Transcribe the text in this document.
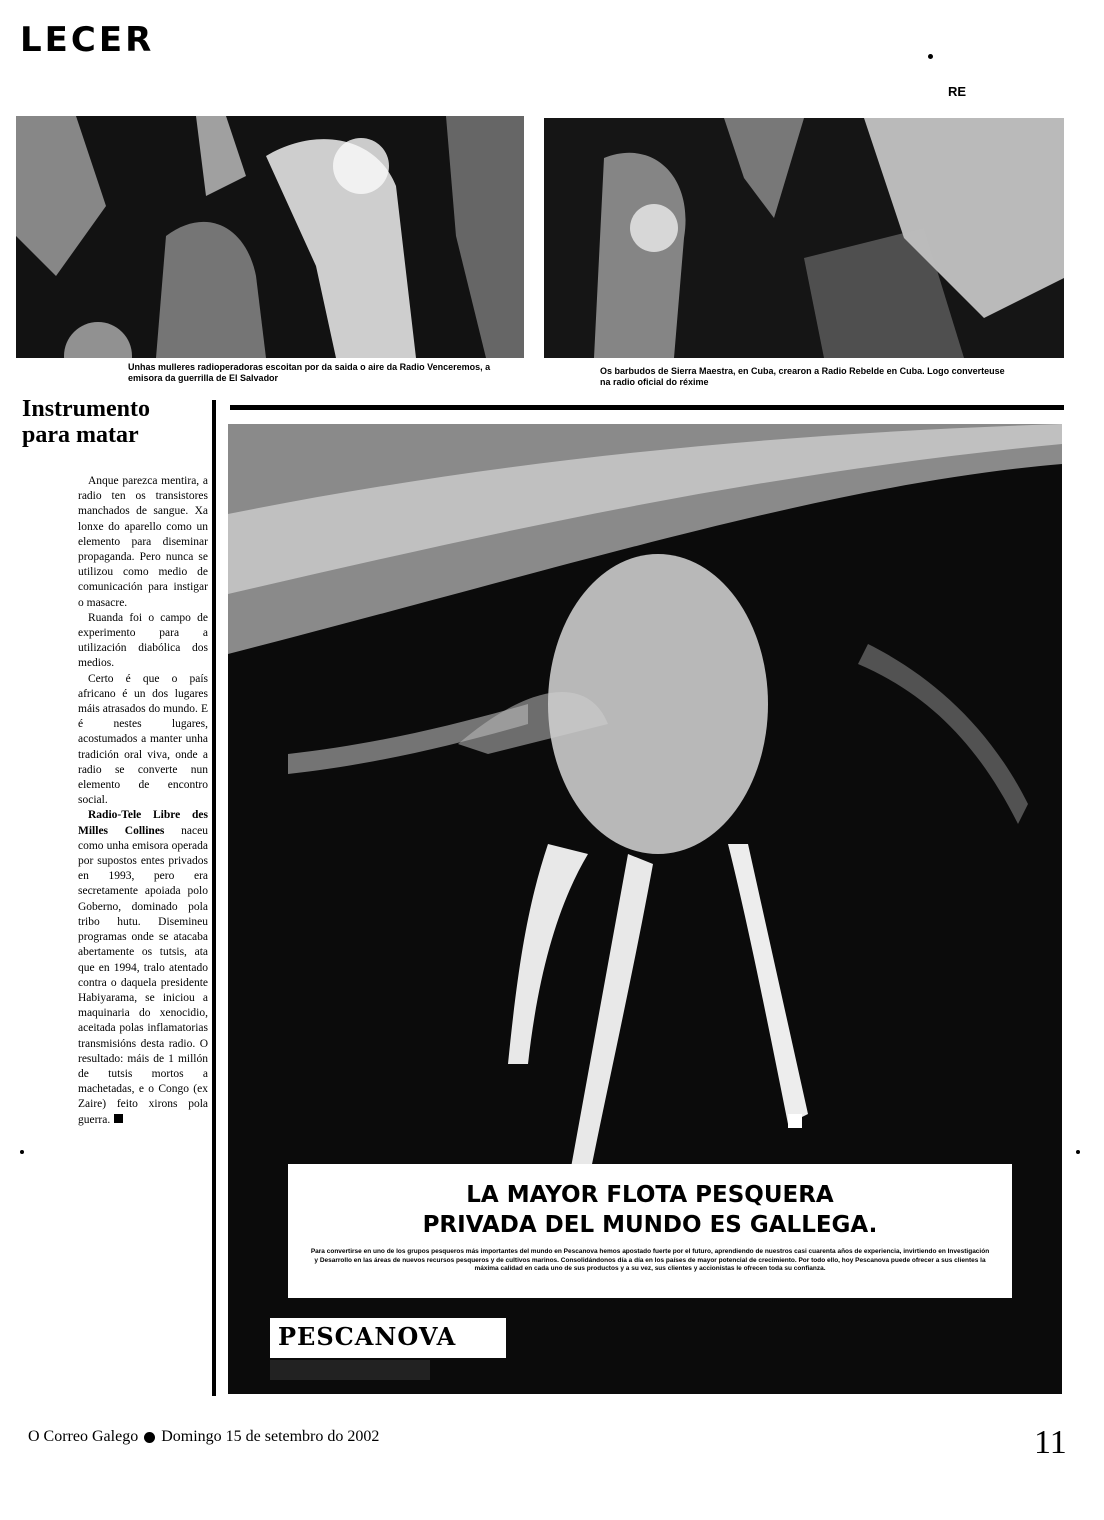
LECER
RE
Unhas mulleres radioperadoras escoitan por da saida o aire da Radio Venceremos, a emisora da guerrilla de El Salvador
Os barbudos de Sierra Maestra, en Cuba, crearon a Radio Rebelde en Cuba. Logo converteuse na radio oficial do réxime
Instrumento
para matar

Anque parezca mentira, a radio ten os transistores manchados de sangue. Xa lonxe do aparello como un elemento para diseminar propaganda. Pero nunca se utilizou como medio de comunicación para instigar o masacre.

Ruanda foi o campo de experimento para a utilización diabólica dos medios.

Certo é que o país africano é un dos lugares máis atrasados do mundo. E é nestes lugares, acostumados a manter unha tradición oral viva, onde a radio se converte nun elemento de encontro social.

Radio-Tele Libre des Milles Collines naceu como unha emisora operada por supostos entes privados en 1993, pero era secretamente apoiada polo Goberno, dominado pola tribo hutu. Disemineu programas onde se atacaba abertamente os tutsis, ata que en 1994, tralo atentado contra o daquela presidente Habiyarama, se iniciou a maquinaria do xenocidio, aceitada polas inflamatorias transmisións desta radio. O resultado: máis de 1 millón de tutsis mortos a machetadas, e o Congo (ex Zaire) feito xirons pola guerra.

LA MAYOR FLOTA PESQUERA
PRIVADA DEL MUNDO ES GALLEGA.
Para convertirse en uno de los grupos pesqueros más importantes del mundo en Pescanova hemos apostado fuerte por el futuro, aprendiendo de nuestros casi cuarenta años de experiencia, invirtiendo en Investigación y Desarrollo en las áreas de nuevos recursos pesqueros y de cultivos marinos. Consolidándonos día a día en los países de mayor potencial de crecimiento. Por todo ello, hoy Pescanova puede ofrecer a sus clientes la máxima calidad en cada uno de sus productos y a su vez, sus clientes y accionistas le ofrecen toda su confianza.
PESCANOVA
O Correo Galego Domingo 15 de setembro do 2002	11
